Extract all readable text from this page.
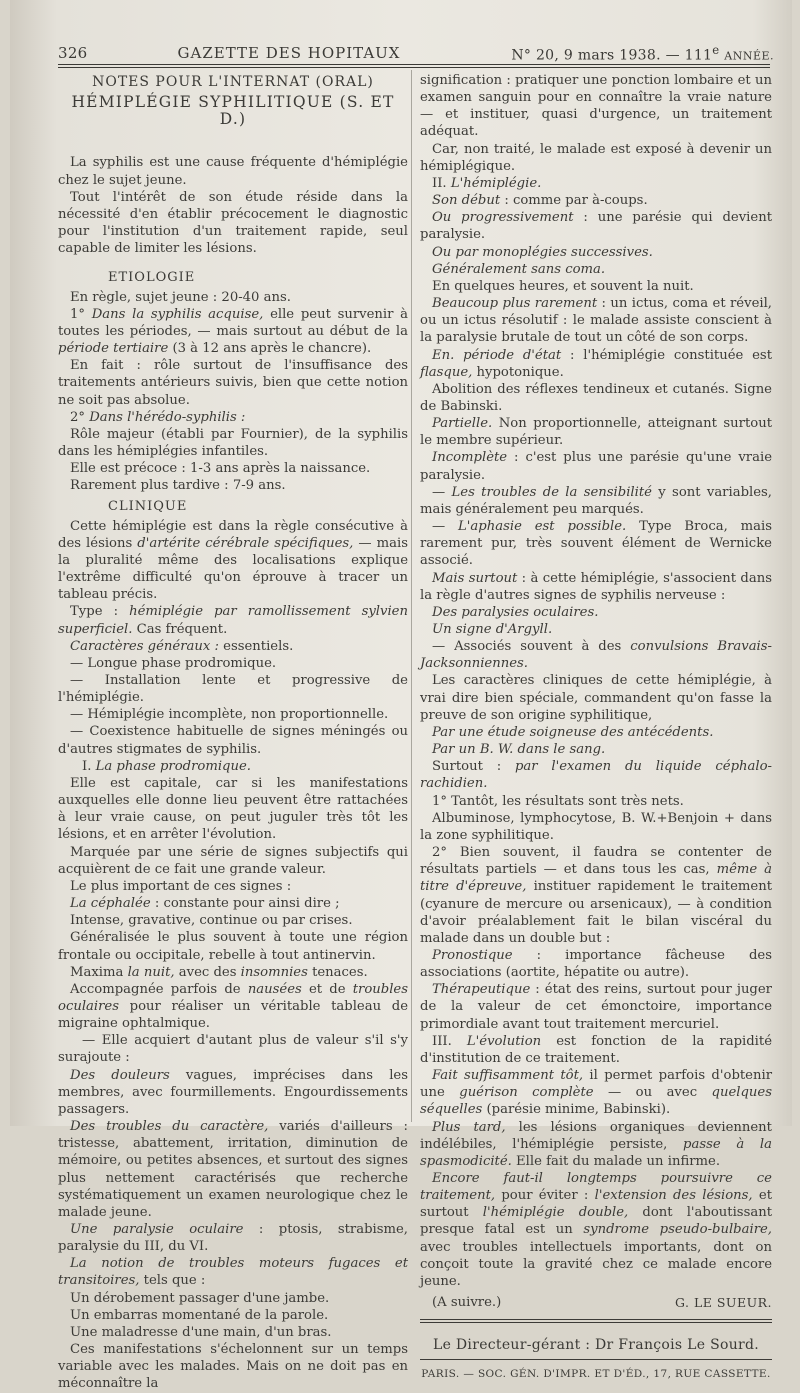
326	GAZETTE DES HOPITAUX	N° 20, 9 mars 1938. — 111e ANNÉE.

NOTES POUR L'INTERNAT (ORAL)

HÉMIPLÉGIE SYPHILITIQUE (S. ET D.)

La syphilis est une cause fréquente d'hémiplégie chez le sujet jeune.

Tout l'intérêt de son étude réside dans la nécessité d'en établir précocement le diagnostic pour l'institution d'un traitement rapide, seul capable de limiter les lésions.

ETIOLOGIE

En règle, sujet jeune : 20-40 ans.

1° Dans la syphilis acquise, elle peut survenir à toutes les périodes, — mais surtout au début de la période tertiaire (3 à 12 ans après le chancre).

En fait : rôle surtout de l'insuffisance des traitements antérieurs suivis, bien que cette notion ne soit pas absolue.

2° Dans l'hérédo-syphilis :

Rôle majeur (établi par Fournier), de la syphilis dans les hémiplégies infantiles.

Elle est précoce : 1-3 ans après la naissance.

Rarement plus tardive : 7-9 ans.

CLINIQUE

Cette hémiplégie est dans la règle consécutive à des lésions d'artérite cérébrale spécifiques, — mais la pluralité même des localisations explique l'extrême difficulté qu'on éprouve à tracer un tableau précis.

Type : hémiplégie par ramollissement sylvien superficiel. Cas fréquent.

Caractères généraux : essentiels.

— Longue phase prodromique.

— Installation lente et progressive de l'hémiplégie.

— Hémiplégie incomplète, non proportionnelle.

— Coexistence habituelle de signes méningés ou d'autres stigmates de syphilis.

I. La phase prodromique.

Elle est capitale, car si les manifestations auxquelles elle donne lieu peuvent être rattachées à leur vraie cause, on peut juguler très tôt les lésions, et en arrêter l'évolution.

Marquée par une série de signes subjectifs qui acquièrent de ce fait une grande valeur.

Le plus important de ces signes :

La céphalée : constante pour ainsi dire ;

Intense, gravative, continue ou par crises.

Généralisée le plus souvent à toute une région frontale ou occipitale, rebelle à tout antinervin.

Maxima la nuit, avec des insomnies tenaces.

Accompagnée parfois de nausées et de troubles oculaires pour réaliser un véritable tableau de migraine ophtalmique.

— Elle acquiert d'autant plus de valeur s'il s'y surajoute :

Des douleurs vagues, imprécises dans les membres, avec fourmillements. Engourdissements passagers.

Des troubles du caractère, variés d'ailleurs : tristesse, abattement, irritation, diminution de mémoire, ou petites absences, et surtout des signes plus nettement caractérisés que recherche systématiquement un examen neurologique chez le malade jeune.

Une paralysie oculaire : ptosis, strabisme, paralysie du III, du VI.

La notion de troubles moteurs fugaces et transitoires, tels que :

Un dérobement passager d'une jambe.

Un embarras momentané de la parole.

Une maladresse d'une main, d'un bras.

Ces manifestations s'échelonnent sur un temps variable avec les malades. Mais on ne doit pas en méconnaître la

signification : pratiquer une ponction lombaire et un examen sanguin pour en connaître la vraie nature — et instituer, quasi d'urgence, un traitement adéquat.

Car, non traité, le malade est exposé à devenir un hémiplégique.

II. L'hémiplégie.

Son début : comme par à-coups.

Ou progressivement : une parésie qui devient paralysie.

Ou par monoplégies successives.

Généralement sans coma.

En quelques heures, et souvent la nuit.

Beaucoup plus rarement : un ictus, coma et réveil, ou un ictus résolutif : le malade assiste conscient à la paralysie brutale de tout un côté de son corps.

En. période d'état : l'hémiplégie constituée est flasque, hypotonique.

Abolition des réflexes tendineux et cutanés. Signe de Babinski.

Partielle. Non proportionnelle, atteignant surtout le membre supérieur.

Incomplète : c'est plus une parésie qu'une vraie paralysie.

— Les troubles de la sensibilité y sont variables, mais généralement peu marqués.

— L'aphasie est possible. Type Broca, mais rarement pur, très souvent élément de Wernicke associé.

Mais surtout : à cette hémiplégie, s'associent dans la règle d'autres signes de syphilis nerveuse :

Des paralysies oculaires.

Un signe d'Argyll.

— Associés souvent à des convulsions Bravais-Jacksonniennes.

Les caractères cliniques de cette hémiplégie, à vrai dire bien spéciale, commandent qu'on fasse la preuve de son origine syphilitique,

Par une étude soigneuse des antécédents.

Par un B. W. dans le sang.

Surtout : par l'examen du liquide céphalo-rachidien.

1° Tantôt, les résultats sont très nets.

Albuminose, lymphocytose, B. W.+Benjoin + dans la zone syphilitique.

2° Bien souvent, il faudra se contenter de résultats partiels — et dans tous les cas, même à titre d'épreuve, instituer rapidement le traitement (cyanure de mercure ou arsenicaux), — à condition d'avoir préalablement fait le bilan viscéral du malade dans un double but :

Pronostique : importance fâcheuse des associations (aortite, hépatite ou autre).

Thérapeutique : état des reins, surtout pour juger de la valeur de cet émonctoire, importance primordiale avant tout traitement mercuriel.

III. L'évolution est fonction de la rapidité d'institution de ce traitement.

Fait suffisamment tôt, il permet parfois d'obtenir une guérison complète — ou avec quelques séquelles (parésie minime, Babinski).

Plus tard, les lésions organiques deviennent indélébiles, l'hémiplégie persiste, passe à la spasmodicité. Elle fait du malade un infirme.

Encore faut-il longtemps poursuivre ce traitement, pour éviter : l'extension des lésions, et surtout l'hémiplégie double, dont l'aboutissant presque fatal est un syndrome pseudo-bulbaire, avec troubles intellectuels importants, dont on conçoit toute la gravité chez ce malade encore jeune.

(A suivre.)	G. LE SUEUR.

Le Directeur-gérant : Dr François Le Sourd.

PARIS. — SOC. GÉN. D'IMPR. ET D'ÉD., 17, RUE CASSETTE.
